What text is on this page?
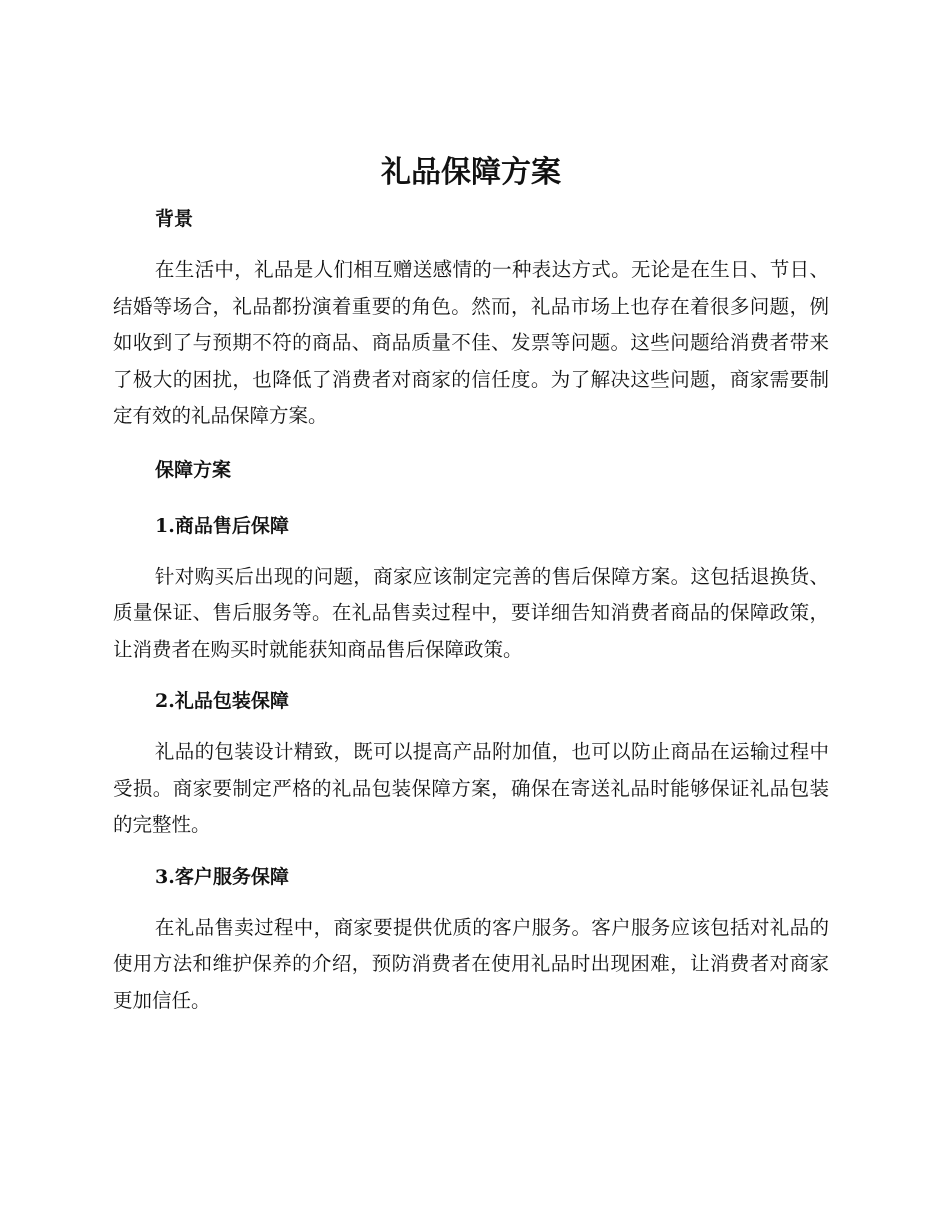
礼品保障方案
背景

在生活中，礼品是人们相互赠送感情的一种表达方式。无论是在生日、节日、结婚等场合，礼品都扮演着重要的角色。然而，礼品市场上也存在着很多问题，例如收到了与预期不符的商品、商品质量不佳、发票等问题。这些问题给消费者带来了极大的困扰，也降低了消费者对商家的信任度。为了解决这些问题，商家需要制定有效的礼品保障方案。

保障方案
1.商品售后保障

针对购买后出现的问题，商家应该制定完善的售后保障方案。这包括退换货、质量保证、售后服务等。在礼品售卖过程中，要详细告知消费者商品的保障政策，让消费者在购买时就能获知商品售后保障政策。

2.礼品包装保障

礼品的包装设计精致，既可以提高产品附加值，也可以防止商品在运输过程中受损。商家要制定严格的礼品包装保障方案，确保在寄送礼品时能够保证礼品包装的完整性。

3.客户服务保障

在礼品售卖过程中，商家要提供优质的客户服务。客户服务应该包括对礼品的使用方法和维护保养的介绍，预防消费者在使用礼品时出现困难，让消费者对商家更加信任。
